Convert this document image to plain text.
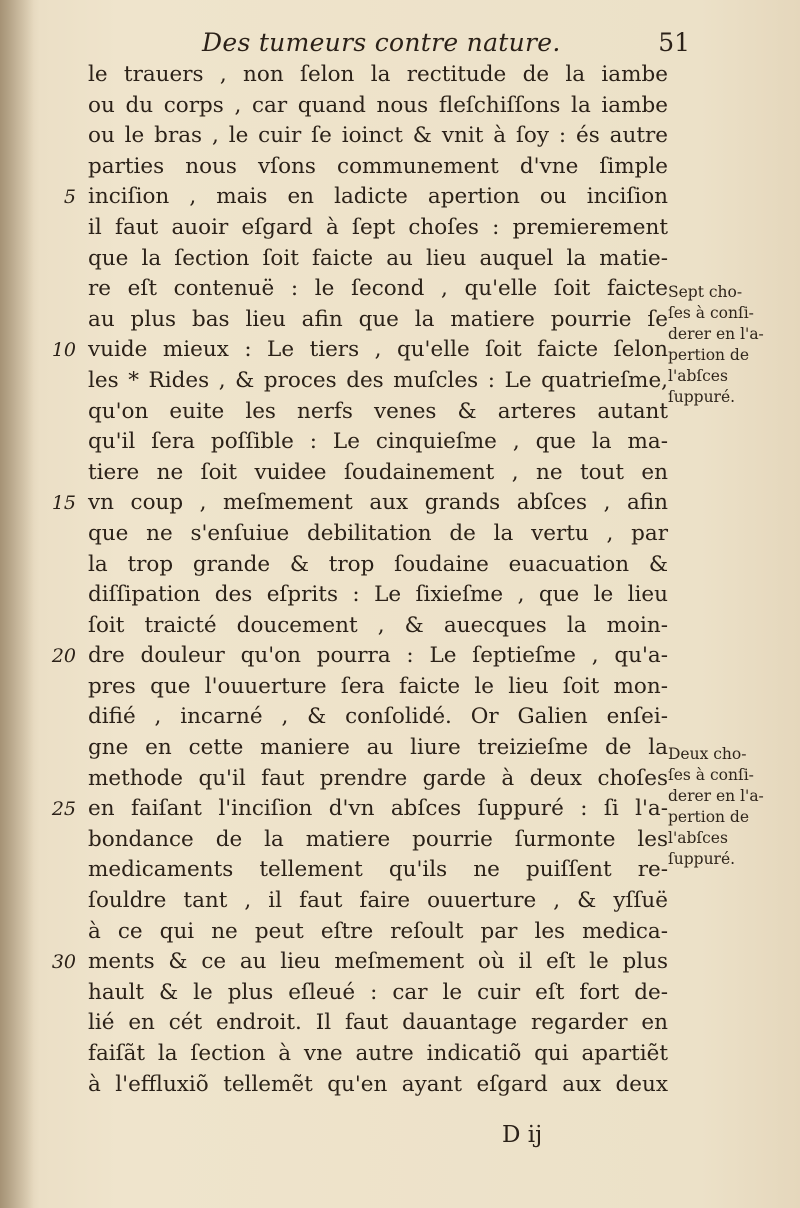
Des tumeurs contre nature.	51
le trauers , non ſelon la rectitude de la iambe
ou du corps , car quand nous fleſchiſſons la iambe
ou le bras , le cuir ſe ioinct & vnit à ſoy : és autre
parties nous vſons communement d'vne ſimple
5 inciſion , mais en ladicte apertion ou inciſion
il faut auoir eſgard à ſept choſes : premierement
que la ſection ſoit faicte au lieu auquel la matie-
re eſt contenuë : le ſecond , qu'elle ſoit faicte
au plus bas lieu afin que la matiere pourrie ſe
10 vuide mieux : Le tiers , qu'elle ſoit faicte ſelon
les * Rides , & proces des muſcles : Le quatrieſme,
qu'on euite les nerfs venes & arteres autant
qu'il ſera poſſible : Le cinquieſme , que la ma-
tiere ne ſoit vuidee ſoudainement , ne tout en
15 vn coup , meſmement aux grands abſces , afin
que ne s'enſuiue debilitation de la vertu , par
la trop grande & trop ſoudaine euacuation &
diſſipation des eſprits : Le ſixieſme , que le lieu
ſoit traicté doucement , & auecques la moin-
20 dre douleur qu'on pourra : Le ſeptieſme , qu'a-
pres que l'ouuerture ſera faicte le lieu ſoit mon-
difié , incarné , & conſolidé. Or Galien enſei-
gne en cette maniere au liure treizieſme de la
methode qu'il faut prendre garde à deux choſes
25 en faiſant l'inciſion d'vn abſces ſuppuré : ſi l'a-
bondance de la matiere pourrie ſurmonte les
medicaments tellement qu'ils ne puiſſent re-
ſouldre tant , il faut faire ouuerture , & yſſuë
à ce qui ne peut eſtre reſoult par les medica-
30 ments & ce au lieu meſmement où il eſt le plus
hault & le plus eſleué : car le cuir eſt fort de-
lié en cét endroit. Il faut dauantage regarder en
faiſãt la ſection à vne autre indicatiõ qui apartiẽt
à l'effluxiõ tellemẽt qu'en ayant eſgard aux deux
Sept cho-
ſes à conſi-
derer en l'a-
pertion de
l'abſces
ſuppuré.
Deux cho-
ſes à conſi-
derer en l'a-
pertion de
l'abſces
ſuppuré.
D ij
